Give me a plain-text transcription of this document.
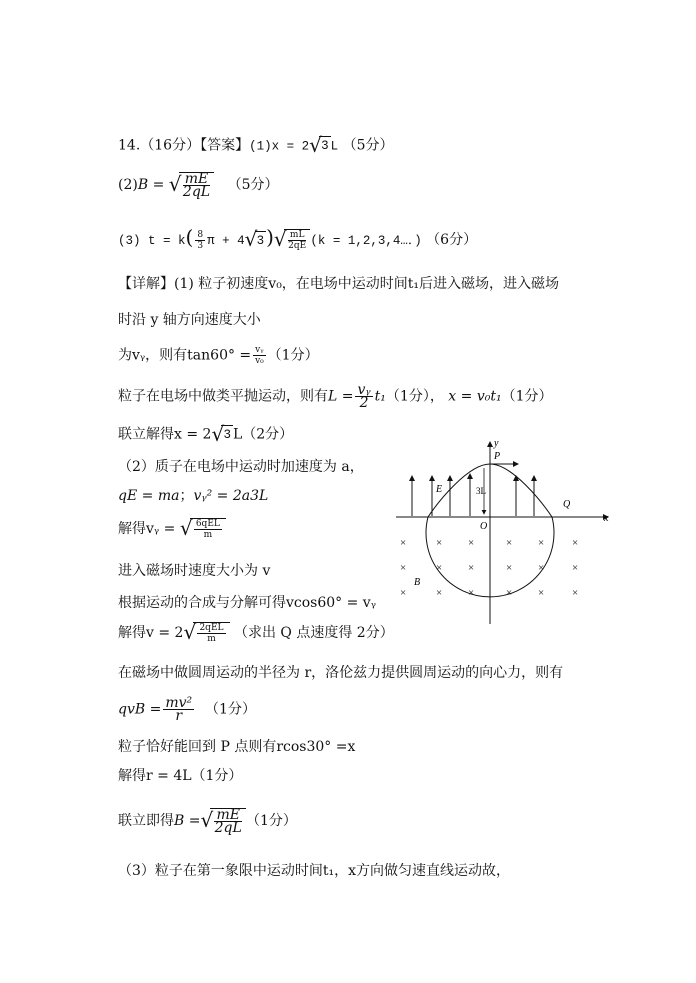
14.（16分）【答案】(1)x = 2 √ 3 L （5分）
(2)B = √ $\frac{mE}{2qL} (5$分）
(3) $t = k( \frac{8}{3}$ π + 4 √ 3 ) √ $\frac{mL}{2qE} (k$ = 1,2,3,4…．) （6分）
【详解】(1) 粒子初速度v₀，在电场中运动时间t₁后进入磁场，进入磁场
时沿 y 轴方向速度大小
为vᵧ，则有$\tan 60^\circ = \frac{\text{vᵧ}}{\text{v₀}} (1$分）
粒子在电场中做类平抛运动，则有$L = \frac{\text{vᵧ}}{2} t_1(1$分）， x = v₀t₁（1分）
联立解得x = 2 √ 3 L（2分）
（2）质子在电场中运动时加速度为 a，
qE = ma；vᵧ² = 2a3L
解得vᵧ = √ $\frac{\text{6qEL}}{m}$
进入磁场时速度大小为 v
根据运动的合成与分解可得vcos60° = vᵧ
解得v = 2 √ $\frac{\text{2qEL}}{m}$ （求出 Q 点速度得 2分）
在磁场中做圆周运动的半径为 r，洛伦兹力提供圆周运动的向心力，则有
qvB = $\frac{\text{mv²}}{r} (1$分）
粒子恰好能回到 P 点则有rcos30° =x
解得r = 4L（1分）
联立即得B = √ $\frac{mE}{2qL} (1$分）
（3）粒子在第一象限中运动时间t₁，x方向做匀速直线运动故，
x
y
O
P
E	3L
Q
B
×	× ×	× ×	×
×	× ×	× ×	×
×	× ×	× ×	×
